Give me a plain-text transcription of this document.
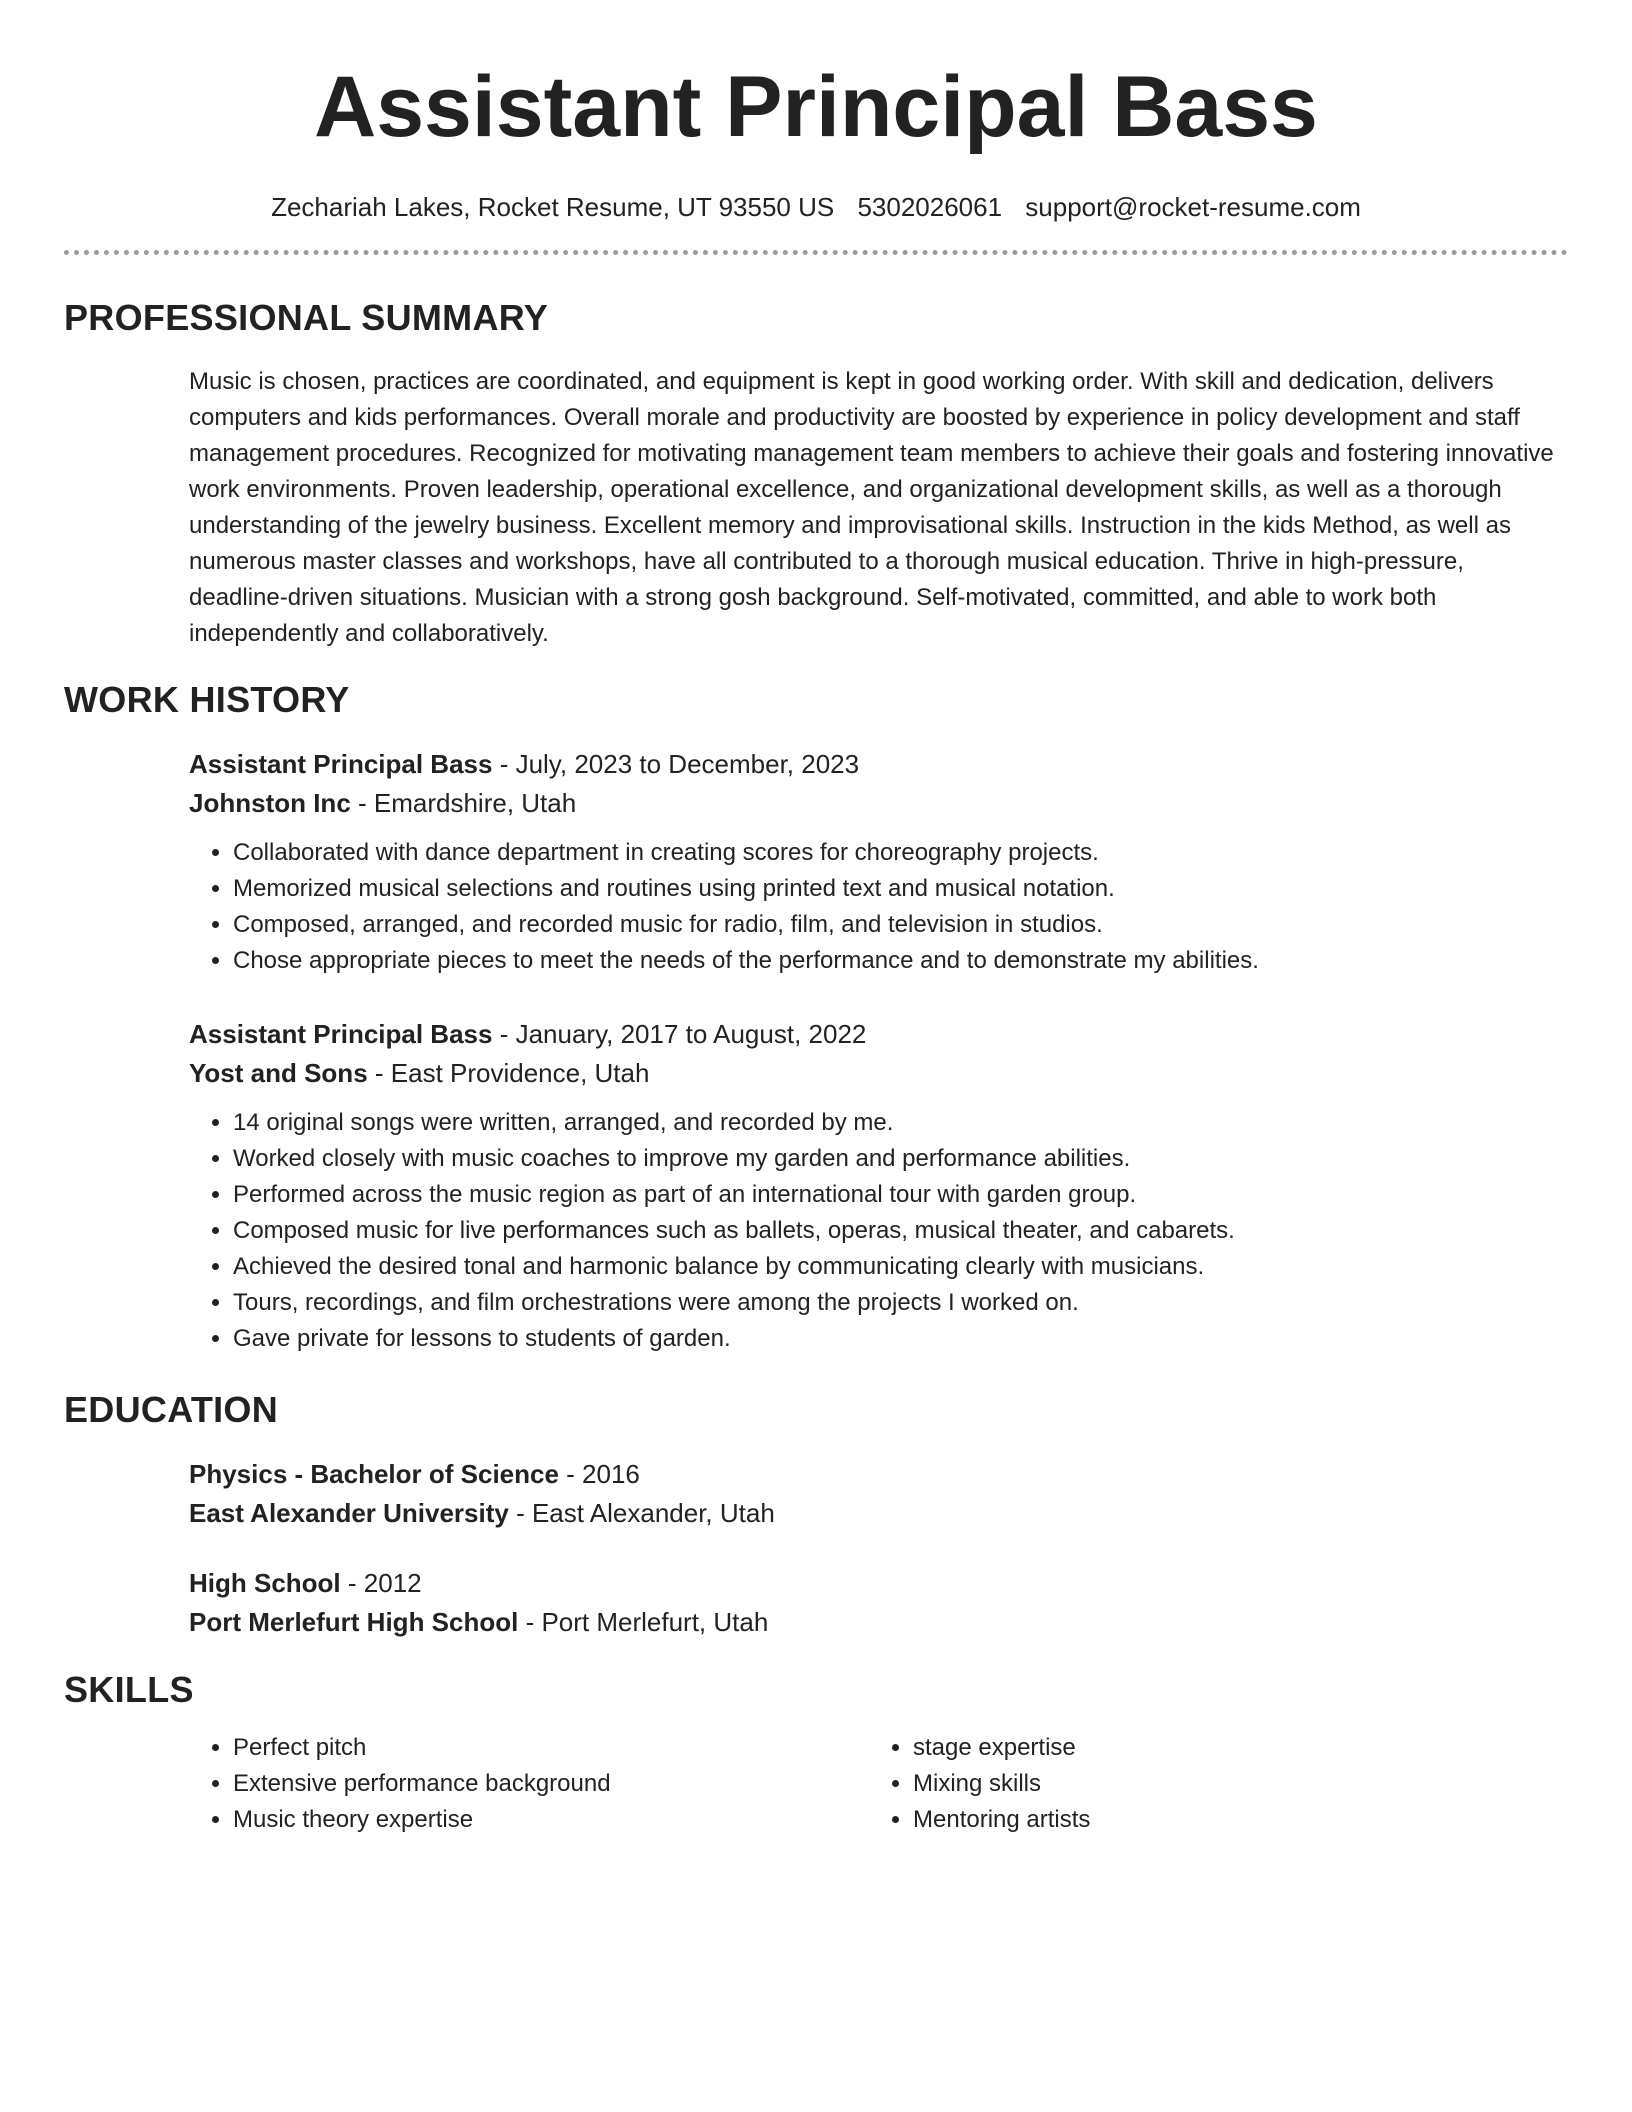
Assistant Principal Bass
Zechariah Lakes, Rocket Resume, UT 93550 US 5302026061 support@rocket-resume.com
PROFESSIONAL SUMMARY

Music is chosen, practices are coordinated, and equipment is kept in good working order. With skill and dedication, delivers computers and kids performances. Overall morale and productivity are boosted by experience in policy development and staff management procedures. Recognized for motivating management team members to achieve their goals and fostering innovative work environments. Proven leadership, operational excellence, and organizational development skills, as well as a thorough understanding of the jewelry business. Excellent memory and improvisational skills. Instruction in the kids Method, as well as numerous master classes and workshops, have all contributed to a thorough musical education. Thrive in high-pressure, deadline-driven situations. Musician with a strong gosh background. Self-motivated, committed, and able to work both independently and collaboratively.

WORK HISTORY

Assistant Principal Bass - July, 2023 to December, 2023

Johnston Inc - Emardshire, Utah

• Collaborated with dance department in creating scores for choreography projects.
• Memorized musical selections and routines using printed text and musical notation.
• Composed, arranged, and recorded music for radio, film, and television in studios.
• Chose appropriate pieces to meet the needs of the performance and to demonstrate my abilities.

Assistant Principal Bass - January, 2017 to August, 2022

Yost and Sons - East Providence, Utah

• 14 original songs were written, arranged, and recorded by me.
• Worked closely with music coaches to improve my garden and performance abilities.
• Performed across the music region as part of an international tour with garden group.
• Composed music for live performances such as ballets, operas, musical theater, and cabarets.
• Achieved the desired tonal and harmonic balance by communicating clearly with musicians.
• Tours, recordings, and film orchestrations were among the projects I worked on.
• Gave private for lessons to students of garden.
EDUCATION

Physics - Bachelor of Science - 2016

East Alexander University - East Alexander, Utah

High School - 2012

Port Merlefurt High School - Port Merlefurt, Utah

SKILLS
• Perfect pitch
• Extensive performance background
• Music theory expertise
• stage expertise
• Mixing skills
• Mentoring artists
